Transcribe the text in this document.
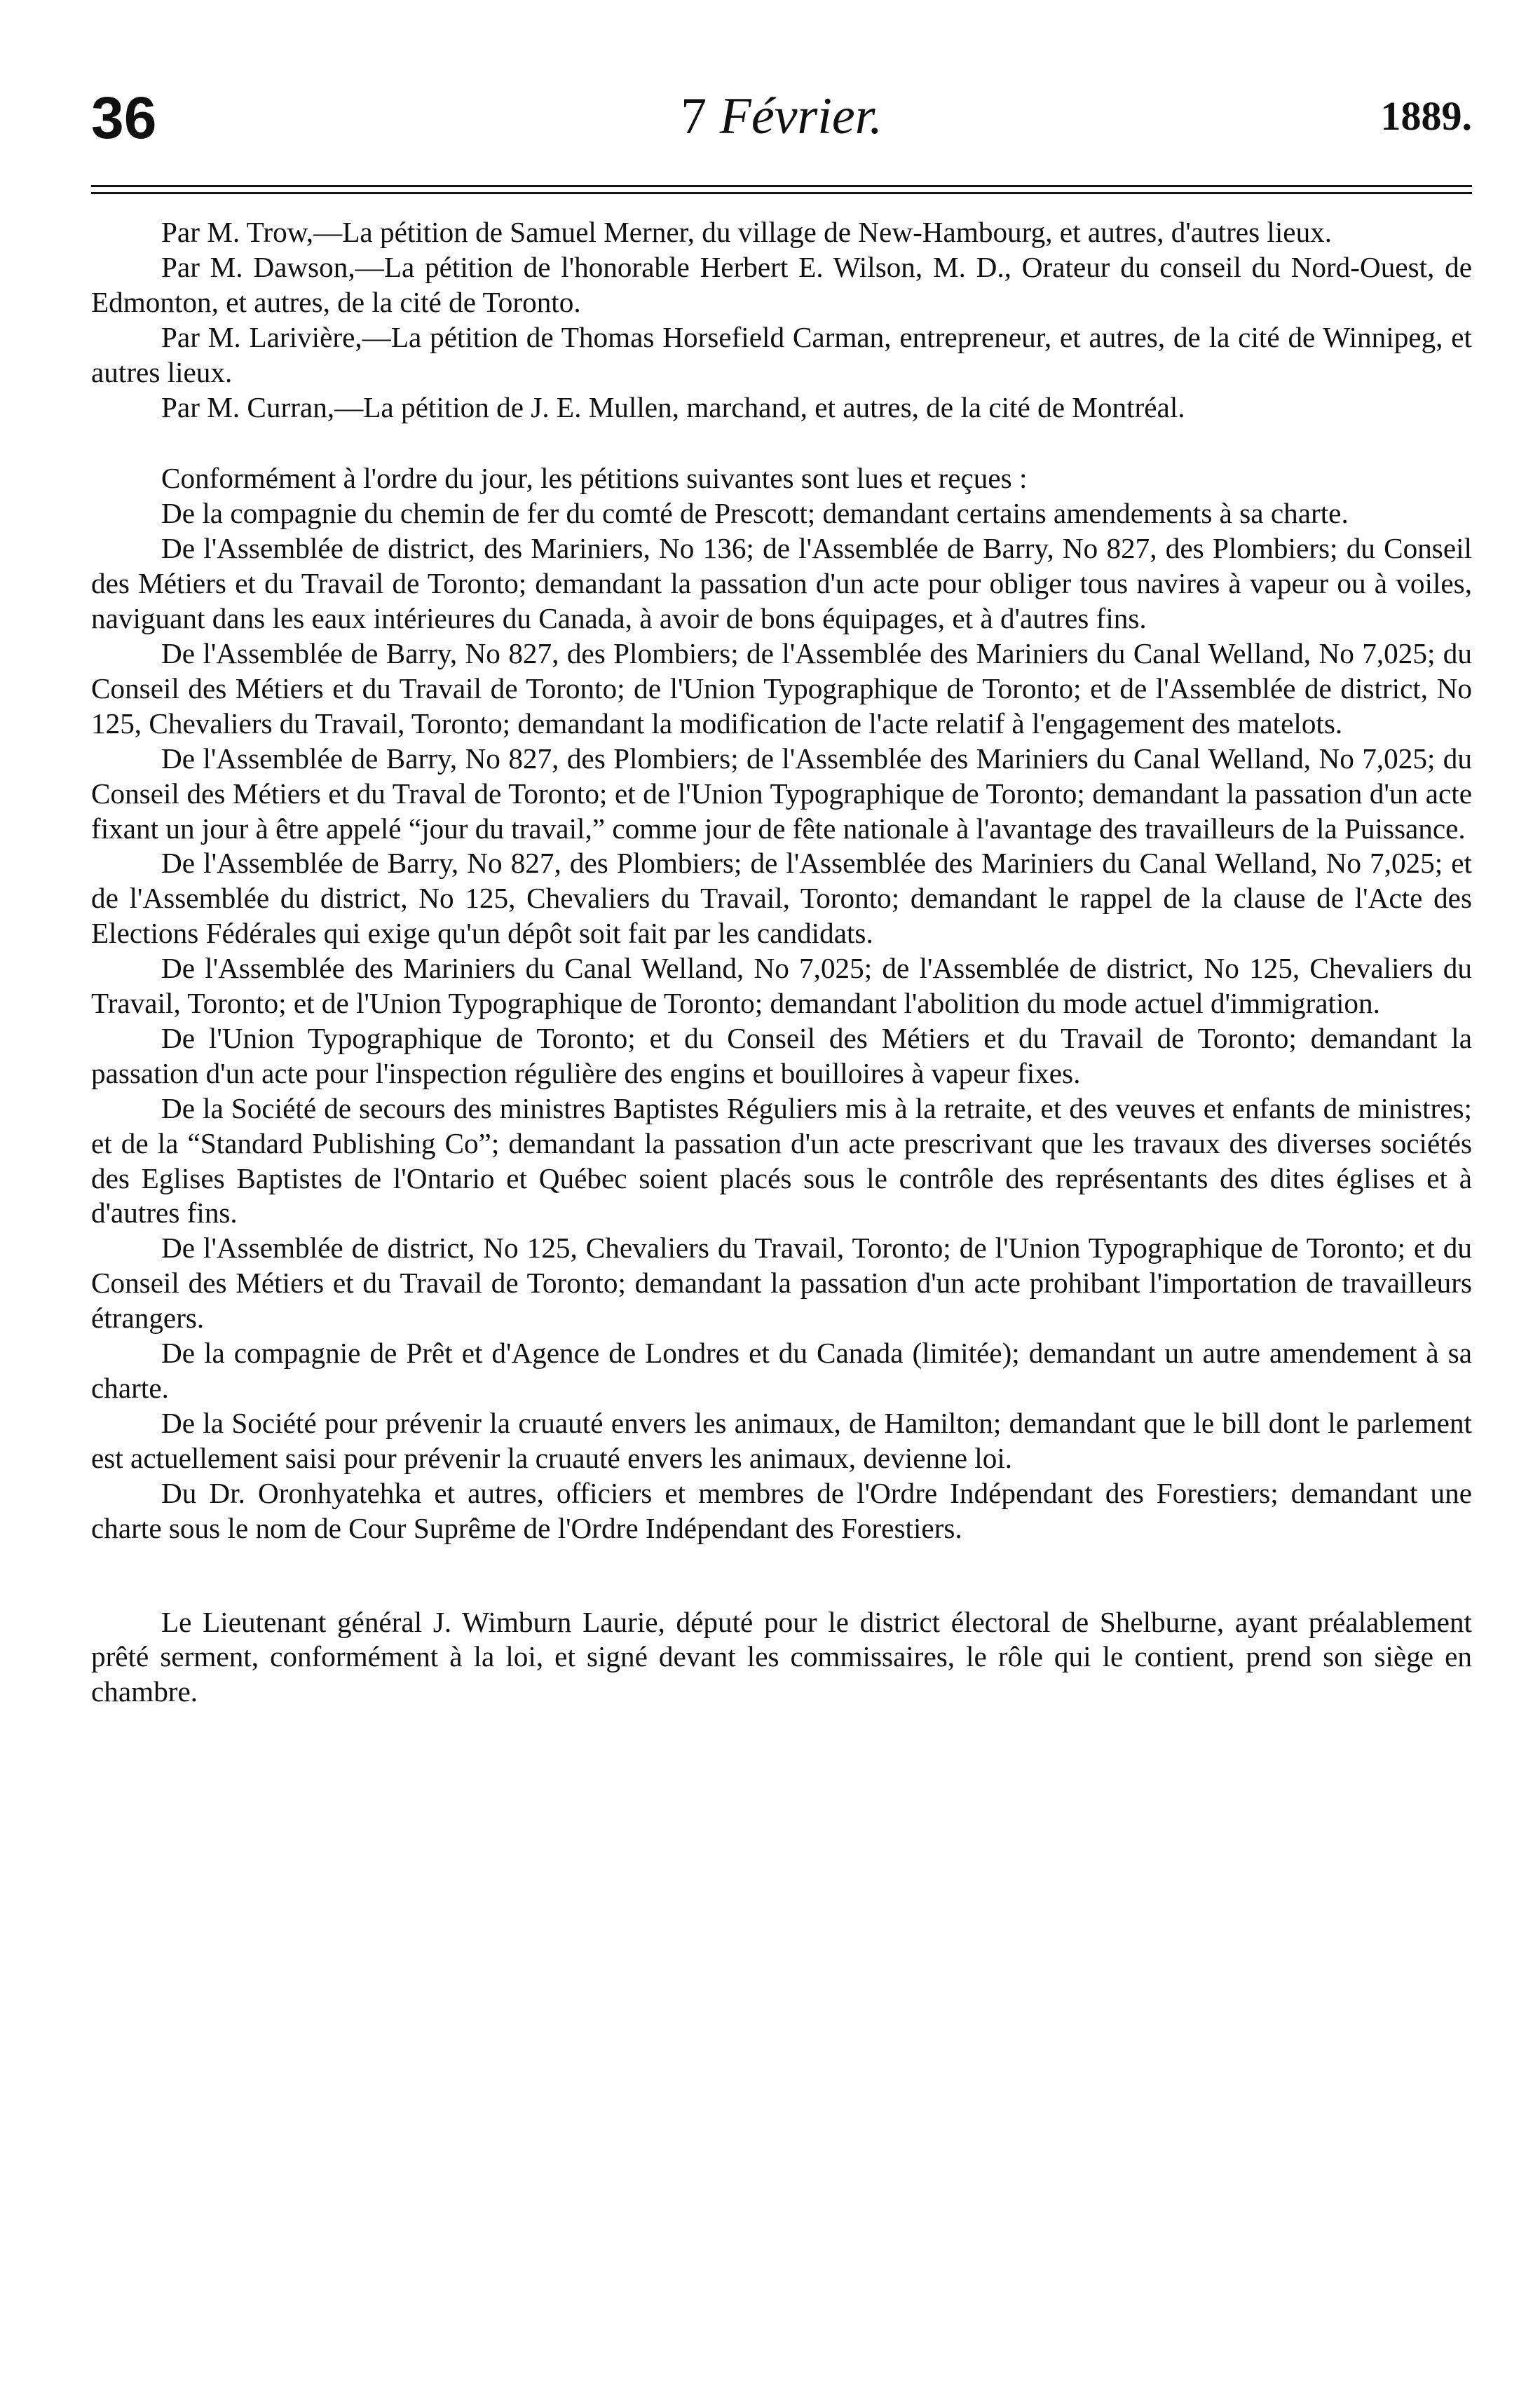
36	7 Février.	1889.

Par M. Trow,—La pétition de Samuel Merner, du village de New-Hambourg, et autres, d'autres lieux.

Par M. Dawson,—La pétition de l'honorable Herbert E. Wilson, M. D., Orateur du conseil du Nord-Ouest, de Edmonton, et autres, de la cité de Toronto.

Par M. Larivière,—La pétition de Thomas Horsefield Carman, entrepreneur, et autres, de la cité de Winnipeg, et autres lieux.

Par M. Curran,—La pétition de J. E. Mullen, marchand, et autres, de la cité de Montréal.

Conformément à l'ordre du jour, les pétitions suivantes sont lues et reçues :

De la compagnie du chemin de fer du comté de Prescott; demandant certains amendements à sa charte.

De l'Assemblée de district, des Mariniers, No 136; de l'Assemblée de Barry, No 827, des Plombiers; du Conseil des Métiers et du Travail de Toronto; demandant la passation d'un acte pour obliger tous navires à vapeur ou à voiles, naviguant dans les eaux intérieures du Canada, à avoir de bons équipages, et à d'autres fins.

De l'Assemblée de Barry, No 827, des Plombiers; de l'Assemblée des Mariniers du Canal Welland, No 7,025; du Conseil des Métiers et du Travail de Toronto; de l'Union Typographique de Toronto; et de l'Assemblée de district, No 125, Chevaliers du Travail, Toronto; demandant la modification de l'acte relatif à l'engagement des matelots.

De l'Assemblée de Barry, No 827, des Plombiers; de l'Assemblée des Mariniers du Canal Welland, No 7,025; du Conseil des Métiers et du Traval de Toronto; et de l'Union Typographique de Toronto; demandant la passation d'un acte fixant un jour à être appelé “jour du travail,” comme jour de fête nationale à l'avantage des travailleurs de la Puissance.

De l'Assemblée de Barry, No 827, des Plombiers; de l'Assemblée des Mariniers du Canal Welland, No 7,025; et de l'Assemblée du district, No 125, Chevaliers du Travail, Toronto; demandant le rappel de la clause de l'Acte des Elections Fédérales qui exige qu'un dépôt soit fait par les candidats.

De l'Assemblée des Mariniers du Canal Welland, No 7,025; de l'Assemblée de district, No 125, Chevaliers du Travail, Toronto; et de l'Union Typographique de Toronto; demandant l'abolition du mode actuel d'immigration.

De l'Union Typographique de Toronto; et du Conseil des Métiers et du Travail de Toronto; demandant la passation d'un acte pour l'inspection régulière des engins et bouilloires à vapeur fixes.

De la Société de secours des ministres Baptistes Réguliers mis à la retraite, et des veuves et enfants de ministres; et de la “Standard Publishing Co”; demandant la passation d'un acte prescrivant que les travaux des diverses sociétés des Eglises Baptistes de l'Ontario et Québec soient placés sous le contrôle des représentants des dites églises et à d'autres fins.

De l'Assemblée de district, No 125, Chevaliers du Travail, Toronto; de l'Union Typographique de Toronto; et du Conseil des Métiers et du Travail de Toronto; demandant la passation d'un acte prohibant l'importation de travailleurs étrangers.

De la compagnie de Prêt et d'Agence de Londres et du Canada (limitée); demandant un autre amendement à sa charte.

De la Société pour prévenir la cruauté envers les animaux, de Hamilton; demandant que le bill dont le parlement est actuellement saisi pour prévenir la cruauté envers les animaux, devienne loi.

Du Dr. Oronhyatehka et autres, officiers et membres de l'Ordre Indépendant des Forestiers; demandant une charte sous le nom de Cour Suprême de l'Ordre Indépendant des Forestiers.

Le Lieutenant général J. Wimburn Laurie, député pour le district électoral de Shelburne, ayant préalablement prêté serment, conformément à la loi, et signé devant les commissaires, le rôle qui le contient, prend son siège en chambre.
